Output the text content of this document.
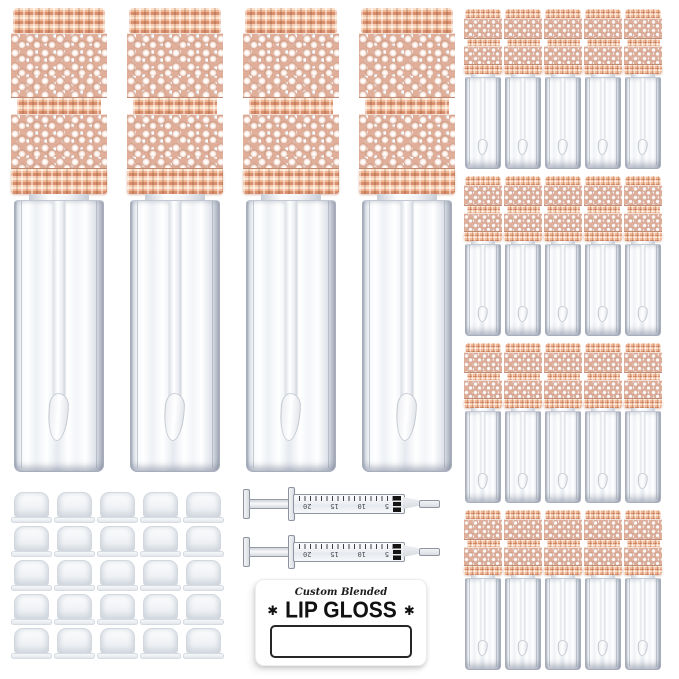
5
10
15
20
5
10
15
20
Custom Blended
✱ LIP GLOSS ✱
